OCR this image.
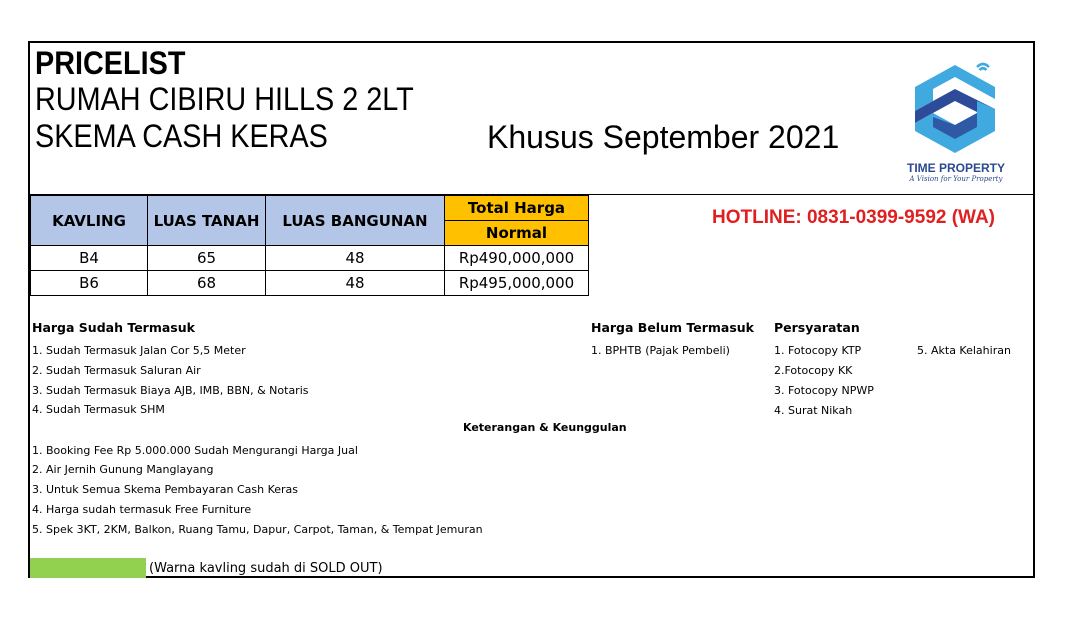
PRICELIST
RUMAH CIBIRU HILLS 2 2LT
SKEMA CASH KERAS	Khusus September 2021
TIME PROPERTY
A Vision for Your Property
HOTLINE: 0831-0399-9592 (WA)
KAVLING	LUAS TANAH	LUAS BANGUNAN	Total Harga
			Normal
B4	65	48	Rp490,000,000
B6	68	48	Rp495,000,000
Harga Sudah Termasuk
1. Sudah Termasuk Jalan Cor 5,5 Meter
2. Sudah Termasuk Saluran Air
3. Sudah Termasuk Biaya AJB, IMB, BBN, & Notaris
4. Sudah Termasuk SHM
Harga Belum Termasuk
1. BPHTB (Pajak Pembeli)
Persyaratan
1. Fotocopy KTP
2.Fotocopy KK
3. Fotocopy NPWP
4. Surat Nikah
5. Akta Kelahiran
Keterangan & Keunggulan
1. Booking Fee Rp 5.000.000 Sudah Mengurangi Harga Jual
2. Air Jernih Gunung Manglayang
3. Untuk Semua Skema Pembayaran Cash Keras
4. Harga sudah termasuk Free Furniture
5. Spek 3KT, 2KM, Balkon, Ruang Tamu, Dapur, Carpot, Taman, & Tempat Jemuran
(Warna kavling sudah di SOLD OUT)
